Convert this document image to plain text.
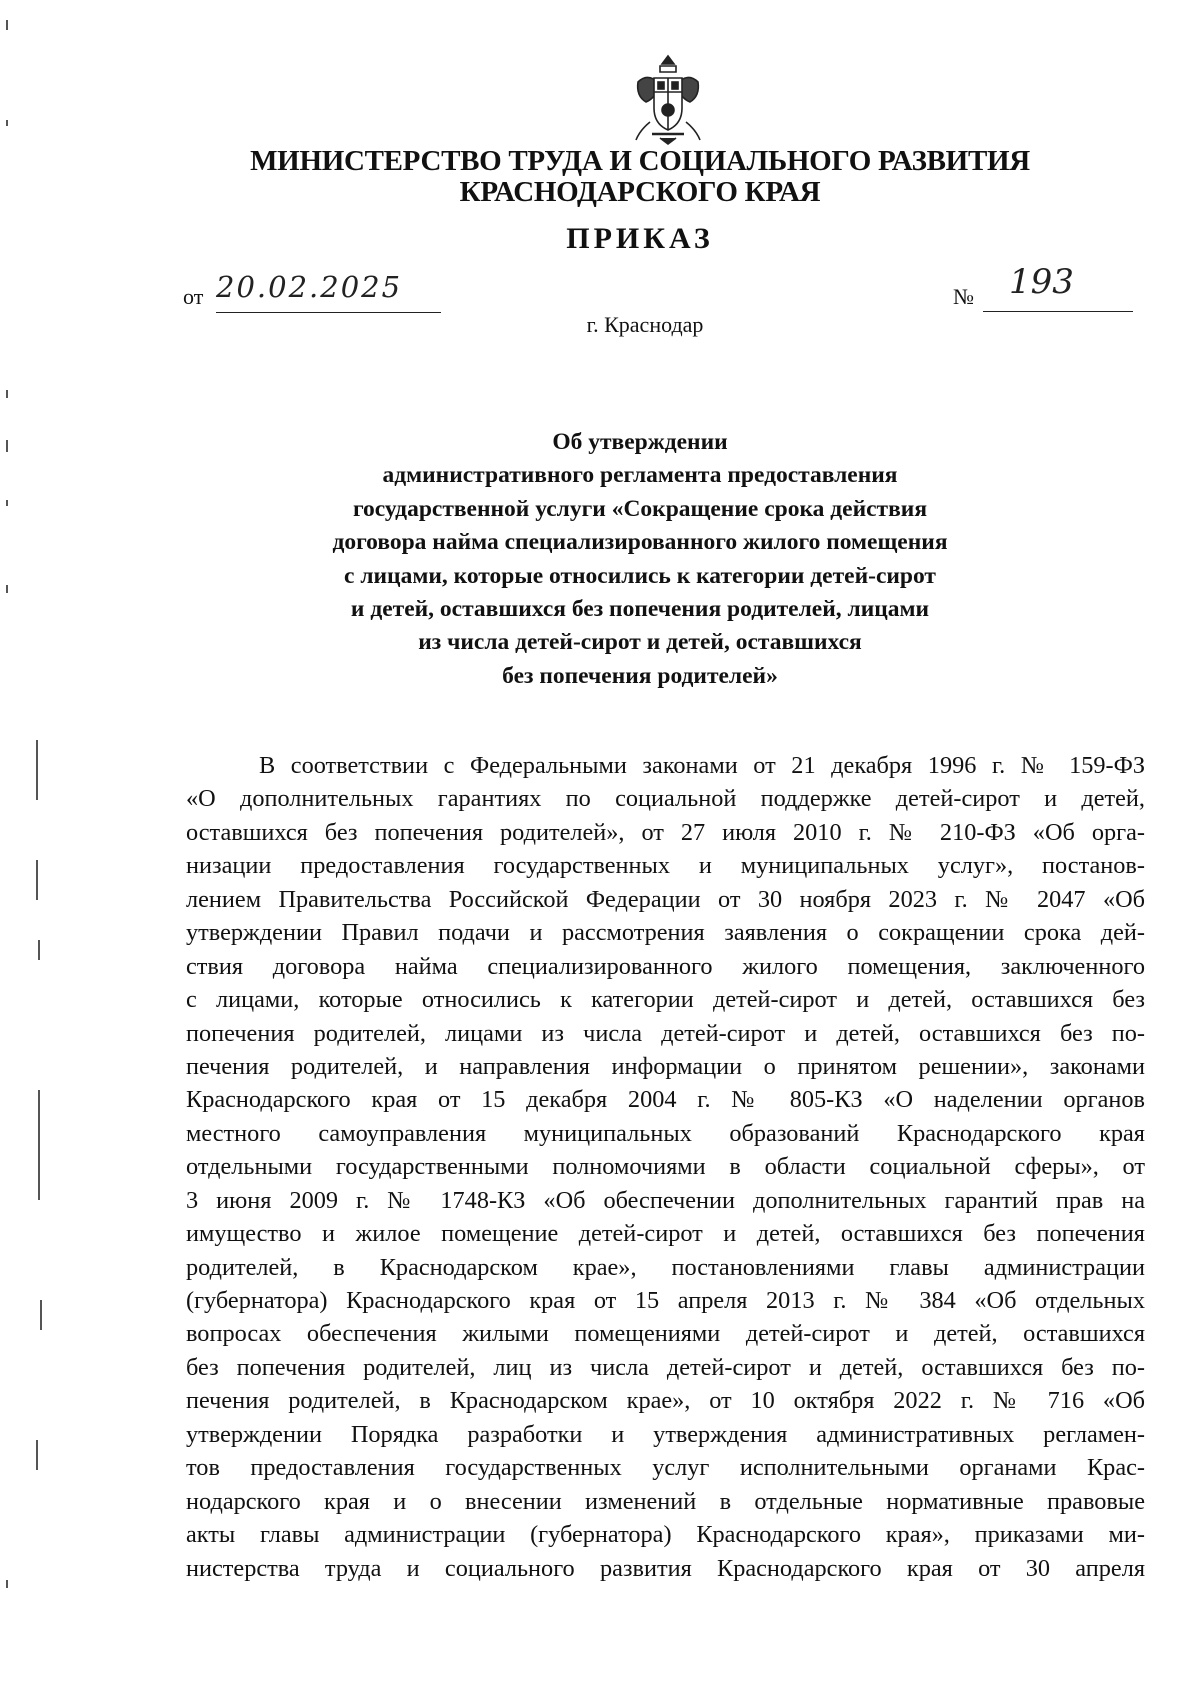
МИНИСТЕРСТВО ТРУДА И СОЦИАЛЬНОГО РАЗВИТИЯ
КРАСНОДАРСКОГО КРАЯ
ПРИКАЗ
от 20.02.2025	№	193
г. Краснодар
Об утверждении
административного регламента предоставления
государственной услуги «Сокращение срока действия
договора найма специализированного жилого помещения
с лицами, которые относились к категории детей-сирот
и детей, оставшихся без попечения родителей, лицами
из числа детей-сирот и детей, оставшихся
без попечения родителей»
В соответствии с Федеральными законами от 21 декабря 1996 г. № 159-ФЗ
«О дополнительных гарантиях по социальной поддержке детей-сирот и детей,
оставшихся без попечения родителей», от 27 июля 2010 г. № 210-ФЗ «Об орга-
низации предоставления государственных и муниципальных услуг», постанов-
лением Правительства Российской Федерации от 30 ноября 2023 г. № 2047 «Об
утверждении Правил подачи и рассмотрения заявления о сокращении срока дей-
ствия договора найма специализированного жилого помещения, заключенного
с лицами, которые относились к категории детей-сирот и детей, оставшихся без
попечения родителей, лицами из числа детей-сирот и детей, оставшихся без по-
печения родителей, и направления информации о принятом решении», законами
Краснодарского края от 15 декабря 2004 г. № 805-КЗ «О наделении органов
местного самоуправления муниципальных образований Краснодарского края
отдельными государственными полномочиями в области социальной сферы», от
3 июня 2009 г. № 1748-КЗ «Об обеспечении дополнительных гарантий прав на
имущество и жилое помещение детей-сирот и детей, оставшихся без попечения
родителей, в Краснодарском крае», постановлениями главы администрации
(губернатора) Краснодарского края от 15 апреля 2013 г. № 384 «Об отдельных
вопросах обеспечения жилыми помещениями детей-сирот и детей, оставшихся
без попечения родителей, лиц из числа детей-сирот и детей, оставшихся без по-
печения родителей, в Краснодарском крае», от 10 октября 2022 г. № 716 «Об
утверждении Порядка разработки и утверждения административных регламен-
тов предоставления государственных услуг исполнительными органами Крас-
нодарского края и о внесении изменений в отдельные нормативные правовые
акты главы администрации (губернатора) Краснодарского края», приказами ми-
нистерства труда и социального развития Краснодарского края от 30 апреля
